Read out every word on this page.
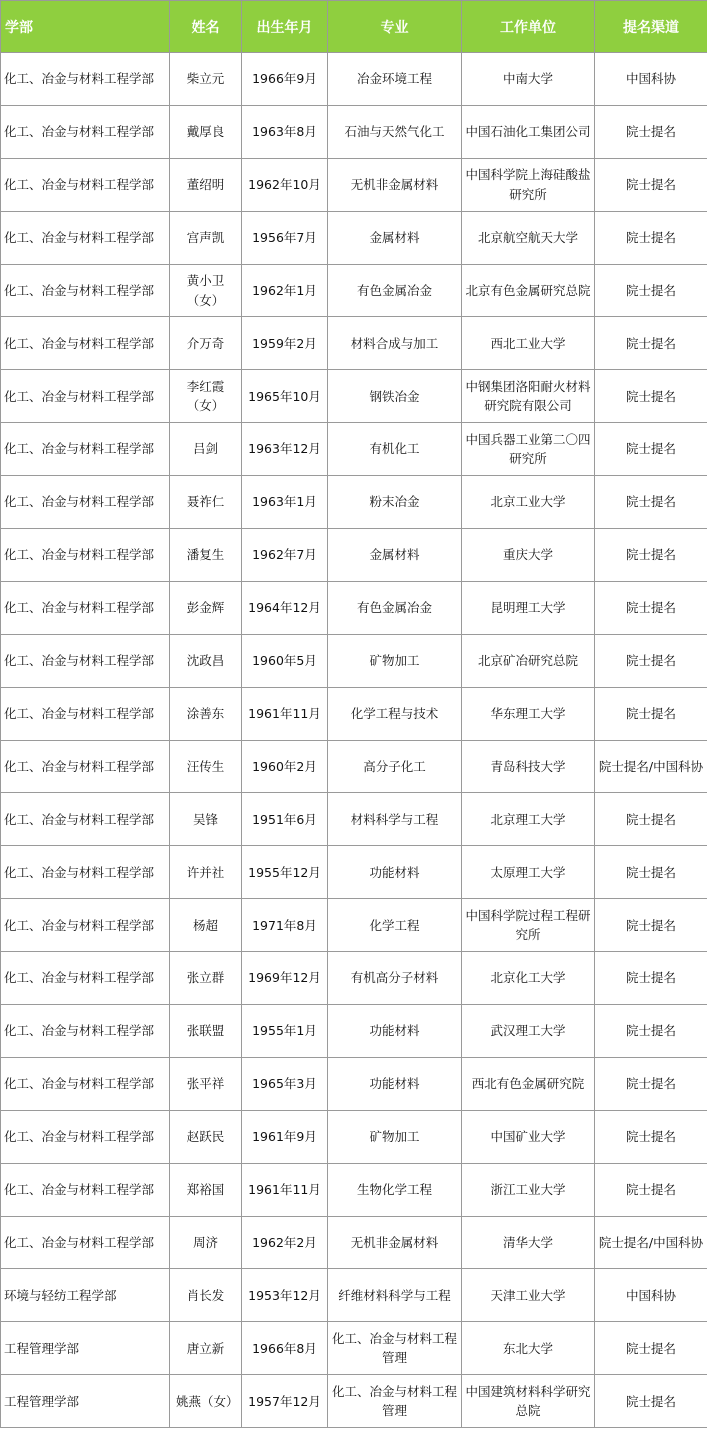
学部	姓名	出生年月	专业	工作单位	提名渠道
化工、冶金与材料工程学部	柴立元	1966年9月	冶金环境工程	中南大学	中国科协
化工、冶金与材料工程学部	戴厚良	1963年8月	石油与天然气化工	中国石油化工集团公司	院士提名
化工、冶金与材料工程学部	董绍明	1962年10月	无机非金属材料	中国科学院上海硅酸盐研究所	院士提名
化工、冶金与材料工程学部	宫声凯	1956年7月	金属材料	北京航空航天大学	院士提名
化工、冶金与材料工程学部	黄小卫（女）	1962年1月	有色金属冶金	北京有色金属研究总院	院士提名
化工、冶金与材料工程学部	介万奇	1959年2月	材料合成与加工	西北工业大学	院士提名
化工、冶金与材料工程学部	李红霞（女）	1965年10月	钢铁冶金	中钢集团洛阳耐火材料研究院有限公司	院士提名
化工、冶金与材料工程学部	吕剑	1963年12月	有机化工	中国兵器工业第二〇四研究所	院士提名
化工、冶金与材料工程学部	聂祚仁	1963年1月	粉末冶金	北京工业大学	院士提名
化工、冶金与材料工程学部	潘复生	1962年7月	金属材料	重庆大学	院士提名
化工、冶金与材料工程学部	彭金辉	1964年12月	有色金属冶金	昆明理工大学	院士提名
化工、冶金与材料工程学部	沈政昌	1960年5月	矿物加工	北京矿冶研究总院	院士提名
化工、冶金与材料工程学部	涂善东	1961年11月	化学工程与技术	华东理工大学	院士提名
化工、冶金与材料工程学部	汪传生	1960年2月	高分子化工	青岛科技大学	院士提名/中国科协
化工、冶金与材料工程学部	吴锋	1951年6月	材料科学与工程	北京理工大学	院士提名
化工、冶金与材料工程学部	许并社	1955年12月	功能材料	太原理工大学	院士提名
化工、冶金与材料工程学部	杨超	1971年8月	化学工程	中国科学院过程工程研究所	院士提名
化工、冶金与材料工程学部	张立群	1969年12月	有机高分子材料	北京化工大学	院士提名
化工、冶金与材料工程学部	张联盟	1955年1月	功能材料	武汉理工大学	院士提名
化工、冶金与材料工程学部	张平祥	1965年3月	功能材料	西北有色金属研究院	院士提名
化工、冶金与材料工程学部	赵跃民	1961年9月	矿物加工	中国矿业大学	院士提名
化工、冶金与材料工程学部	郑裕国	1961年11月	生物化学工程	浙江工业大学	院士提名
化工、冶金与材料工程学部	周济	1962年2月	无机非金属材料	清华大学	院士提名/中国科协
环境与轻纺工程学部	肖长发	1953年12月	纤维材料科学与工程	天津工业大学	中国科协
工程管理学部	唐立新	1966年8月	化工、冶金与材料工程管理	东北大学	院士提名
工程管理学部	姚燕（女）	1957年12月	化工、冶金与材料工程管理	中国建筑材料科学研究总院	院士提名
